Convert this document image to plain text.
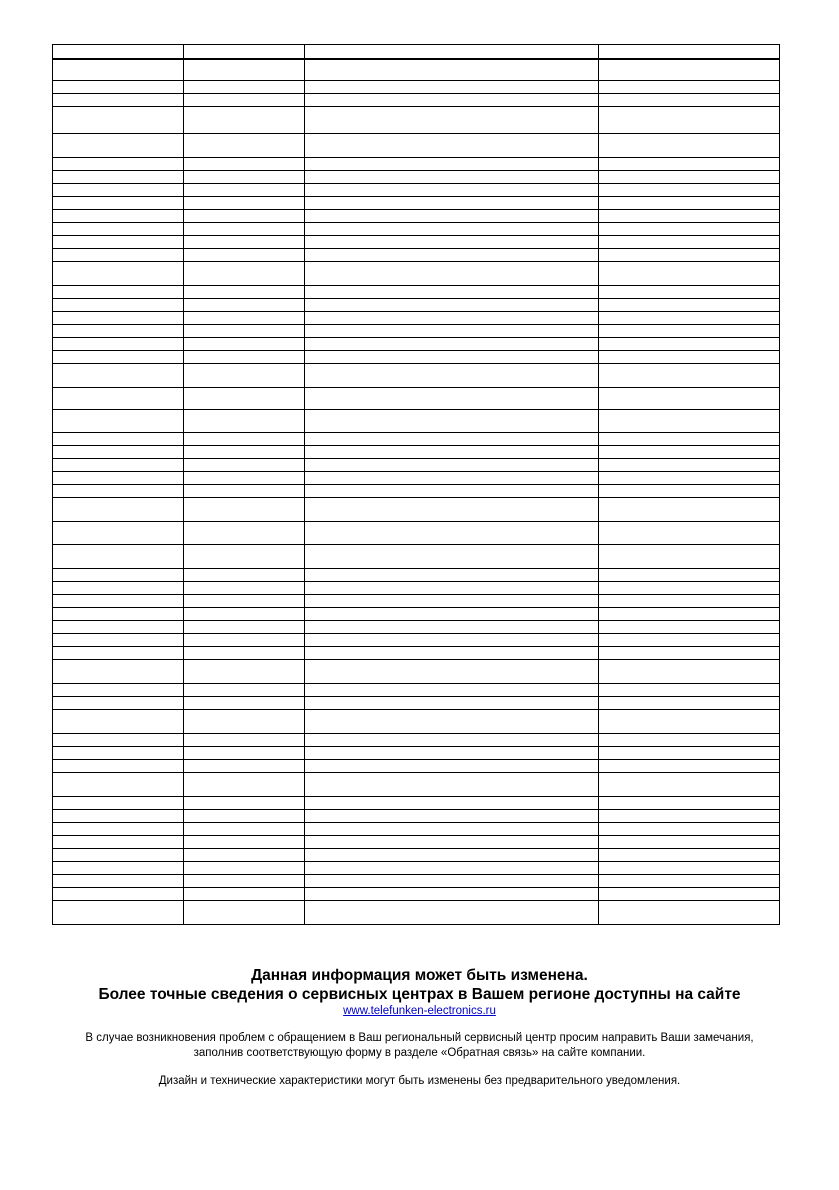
Данная информация может быть изменена.
Более точные сведения о сервисных центрах в Вашем регионе доступны на сайте
www.telefunken-electronics.ru
В случае возникновения проблем с обращением в Ваш региональный сервисный центр просим направить Ваши замечания,
заполнив соответствующую форму в разделе «Обратная связь» на сайте компании.
Дизайн и технические характеристики могут быть изменены без предварительного уведомления.
